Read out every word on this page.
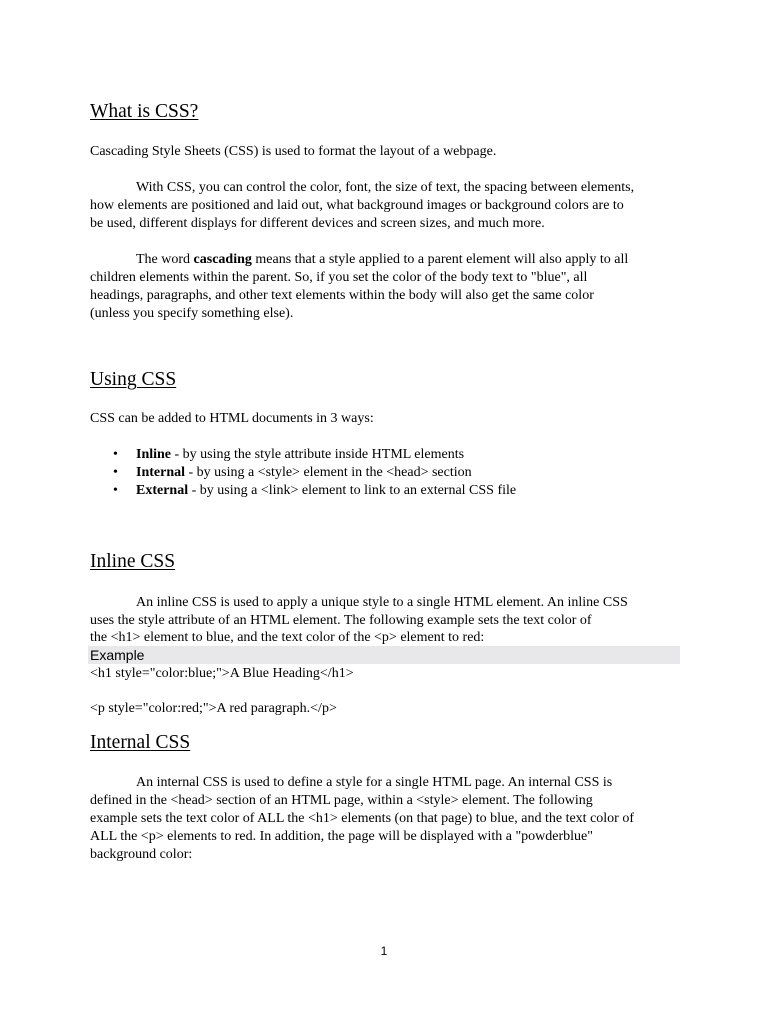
What is CSS?

Cascading Style Sheets (CSS) is used to format the layout of a webpage.

With CSS, you can control the color, font, the size of text, the spacing between elements,

how elements are positioned and laid out, what background images or background colors are to

be used, different displays for different devices and screen sizes, and much more.

The word cascading means that a style applied to a parent element will also apply to all

children elements within the parent. So, if you set the color of the body text to "blue", all

headings, paragraphs, and other text elements within the body will also get the same color

(unless you specify something else).

Using CSS

CSS can be added to HTML documents in 3 ways:

• Inline - by using the style attribute inside HTML elements
• Internal - by using a <style> element in the <head> section
• External - by using a <link> element to link to an external CSS file
Inline CSS

An inline CSS is used to apply a unique style to a single HTML element. An inline CSS

uses the style attribute of an HTML element. The following example sets the text color of

the <h1> element to blue, and the text color of the <p> element to red:

Example

<h1 style="color:blue;">A Blue Heading</h1>

<p style="color:red;">A red paragraph.</p>

Internal CSS

An internal CSS is used to define a style for a single HTML page. An internal CSS is

defined in the <head> section of an HTML page, within a <style> element. The following

example sets the text color of ALL the <h1> elements (on that page) to blue, and the text color of

ALL the <p> elements to red. In addition, the page will be displayed with a "powderblue"

background color:

1
